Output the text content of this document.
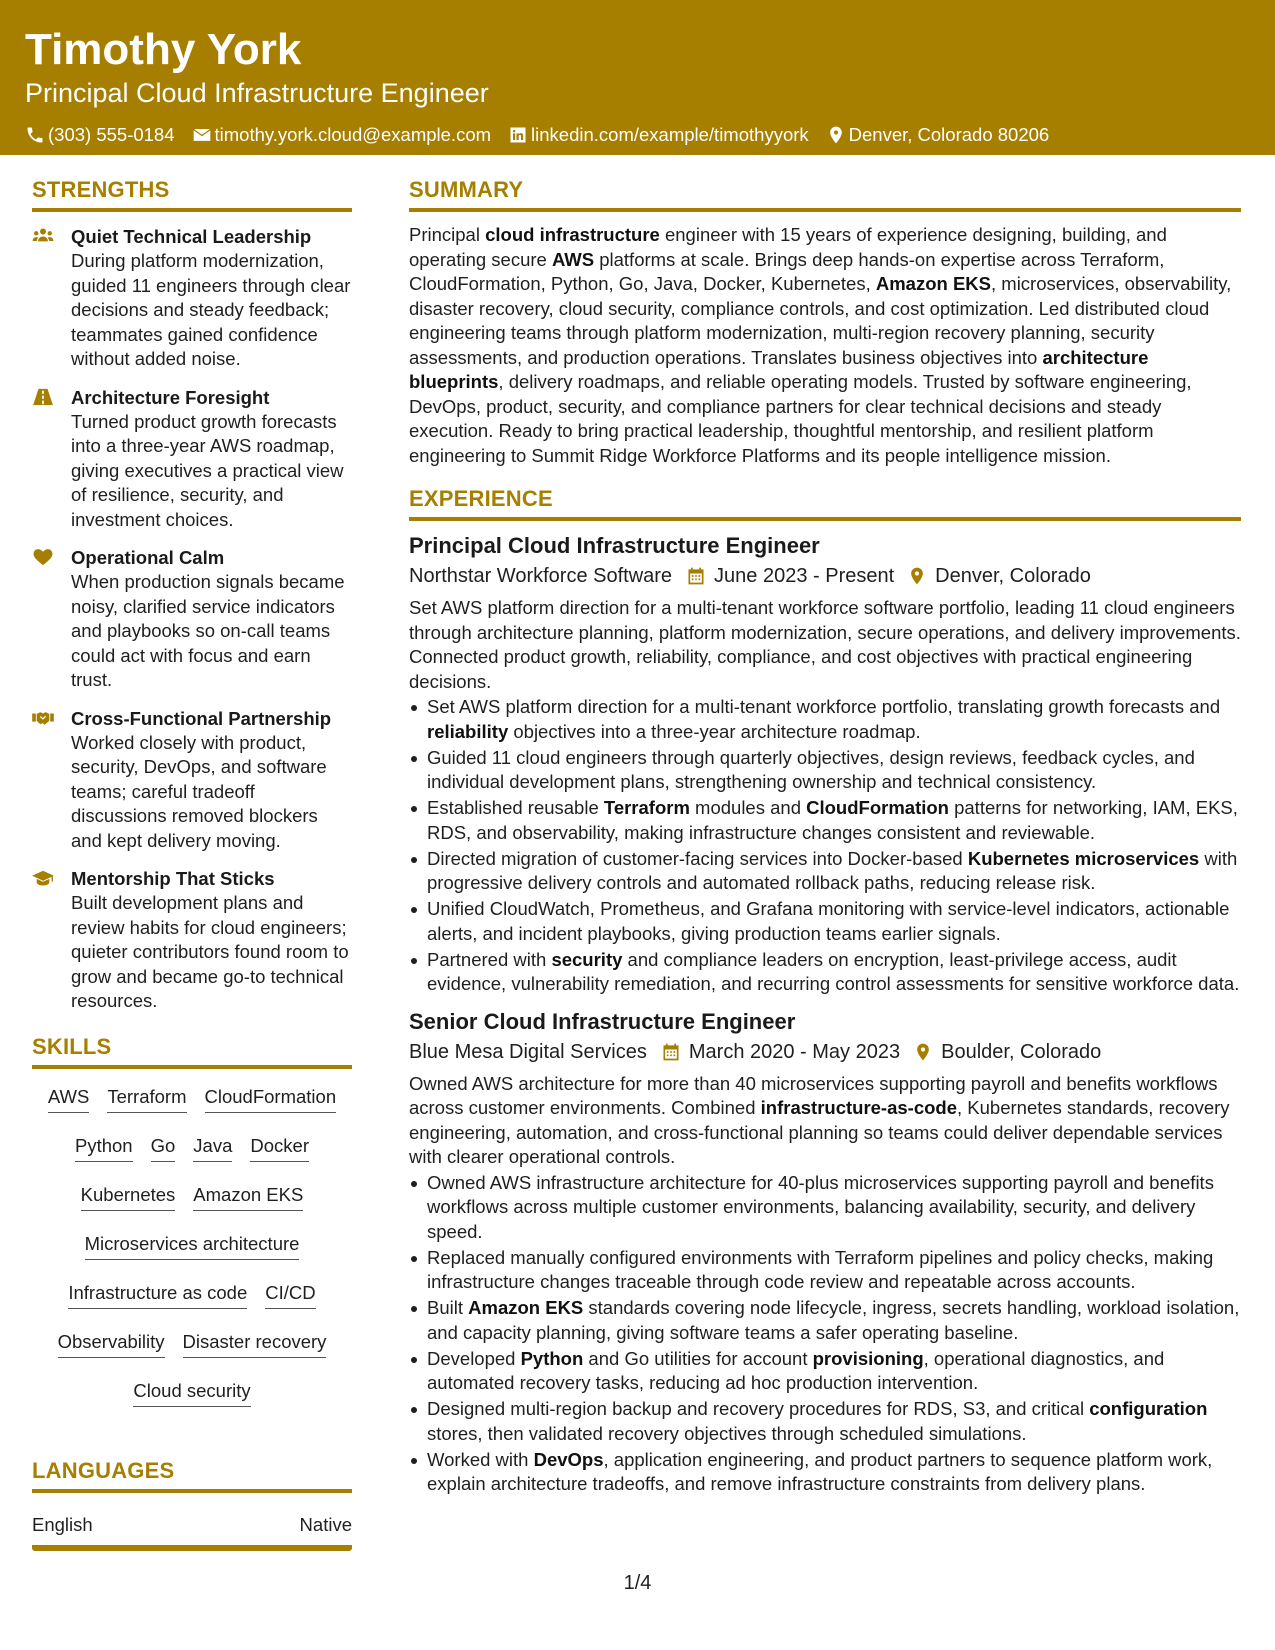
Timothy York
Principal Cloud Infrastructure Engineer
(303) 555-0184 timothy.york.cloud@example.com linkedin.com/example/timothyyork Denver, Colorado 80206
STRENGTHS
Quiet Technical Leadership
During platform modernization, guided 11 engineers through clear decisions and steady feedback; teammates gained confidence without added noise.
Architecture Foresight
Turned product growth forecasts into a three-year AWS roadmap, giving executives a practical view of resilience, security, and investment choices.
Operational Calm
When production signals became noisy, clarified service indicators and playbooks so on-call teams could act with focus and earn trust.
Cross-Functional Partnership
Worked closely with product, security, DevOps, and software teams; careful tradeoff discussions removed blockers and kept delivery moving.
Mentorship That Sticks
Built development plans and review habits for cloud engineers; quieter contributors found room to grow and became go-to technical resources.
SKILLS
AWS Terraform CloudFormation
Python Go Java Docker
Kubernetes Amazon EKS
Microservices architecture
Infrastructure as code CI/CD
Observability Disaster recovery
Cloud security
LANGUAGES
English	Native
SUMMARY
Principal cloud infrastructure engineer with 15 years of experience designing, building, and operating secure AWS platforms at scale. Brings deep hands-on expertise across Terraform, CloudFormation, Python, Go, Java, Docker, Kubernetes, Amazon EKS, microservices, observability, disaster recovery, cloud security, compliance controls, and cost optimization. Led distributed cloud engineering teams through platform modernization, multi-region recovery planning, security assessments, and production operations. Translates business objectives into architecture blueprints, delivery roadmaps, and reliable operating models. Trusted by software engineering, DevOps, product, security, and compliance partners for clear technical decisions and steady execution. Ready to bring practical leadership, thoughtful mentorship, and resilient platform engineering to Summit Ridge Workforce Platforms and its people intelligence mission.
EXPERIENCE
Principal Cloud Infrastructure Engineer
Northstar Workforce Software June 2023 - Present Denver, Colorado
Set AWS platform direction for a multi-tenant workforce software portfolio, leading 11 cloud engineers through architecture planning, platform modernization, secure operations, and delivery improvements. Connected product growth, reliability, compliance, and cost objectives with practical engineering decisions.
Set AWS platform direction for a multi-tenant workforce portfolio, translating growth forecasts and reliability objectives into a three-year architecture roadmap.
Guided 11 cloud engineers through quarterly objectives, design reviews, feedback cycles, and individual development plans, strengthening ownership and technical consistency.
Established reusable Terraform modules and CloudFormation patterns for networking, IAM, EKS, RDS, and observability, making infrastructure changes consistent and reviewable.
Directed migration of customer-facing services into Docker-based Kubernetes microservices with progressive delivery controls and automated rollback paths, reducing release risk.
Unified CloudWatch, Prometheus, and Grafana monitoring with service-level indicators, actionable alerts, and incident playbooks, giving production teams earlier signals.
Partnered with security and compliance leaders on encryption, least-privilege access, audit evidence, vulnerability remediation, and recurring control assessments for sensitive workforce data.
Senior Cloud Infrastructure Engineer
Blue Mesa Digital Services March 2020 - May 2023 Boulder, Colorado
Owned AWS architecture for more than 40 microservices supporting payroll and benefits workflows across customer environments. Combined infrastructure-as-code, Kubernetes standards, recovery engineering, automation, and cross-functional planning so teams could deliver dependable services with clearer operational controls.
Owned AWS infrastructure architecture for 40-plus microservices supporting payroll and benefits workflows across multiple customer environments, balancing availability, security, and delivery speed.
Replaced manually configured environments with Terraform pipelines and policy checks, making infrastructure changes traceable through code review and repeatable across accounts.
Built Amazon EKS standards covering node lifecycle, ingress, secrets handling, workload isolation, and capacity planning, giving software teams a safer operating baseline.
Developed Python and Go utilities for account provisioning, operational diagnostics, and automated recovery tasks, reducing ad hoc production intervention.
Designed multi-region backup and recovery procedures for RDS, S3, and critical configuration stores, then validated recovery objectives through scheduled simulations.
Worked with DevOps, application engineering, and product partners to sequence platform work, explain architecture tradeoffs, and remove infrastructure constraints from delivery plans.
1/4
